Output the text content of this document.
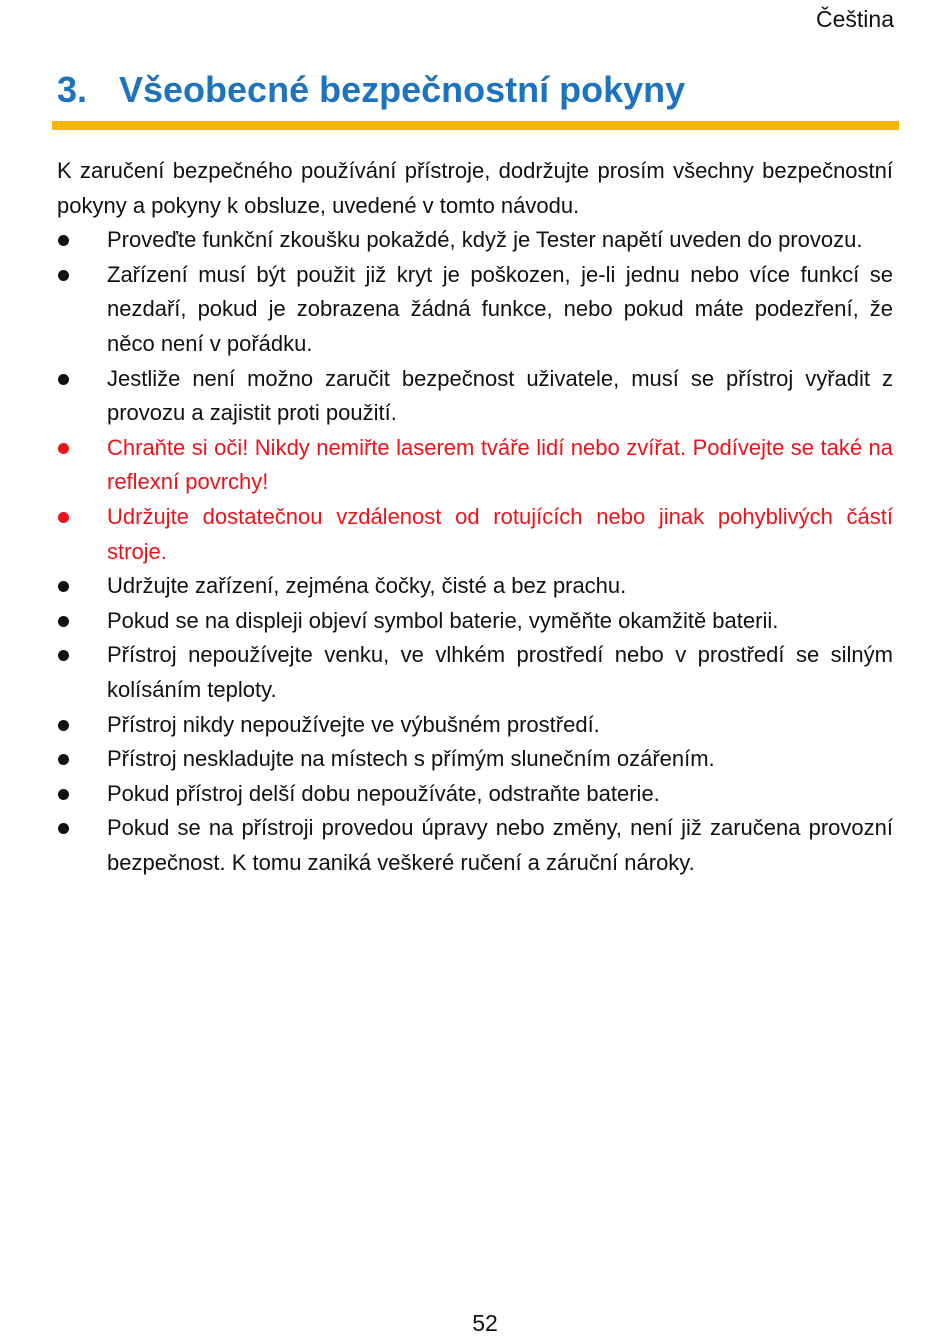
Čeština
3. Všeobecné bezpečnostní pokyny

K zaručení bezpečného používání přístroje, dodržujte prosím všechny bezpečnostní pokyny a pokyny k obsluze, uvedené v tomto návodu.

Proveďte funkční zkoušku pokaždé, když je Tester napětí uveden do provozu.
Zařízení musí být použit již kryt je poškozen, je-li jednu nebo více funkcí se nezdaří, pokud je zobrazena žádná funkce, nebo pokud máte podezření, že něco není v pořádku.
Jestliže není možno zaručit bezpečnost uživatele, musí se přístroj vyřadit z provozu a zajistit proti použití.
Chraňte si oči! Nikdy nemiřte laserem tváře lidí nebo zvířat. Podívejte se také na reflexní povrchy!
Udržujte dostatečnou vzdálenost od rotujících nebo jinak pohyblivých částí stroje.
Udržujte zařízení, zejména čočky, čisté a bez prachu.
Pokud se na displeji objeví symbol baterie, vyměňte okamžitě baterii.
Přístroj nepoužívejte venku, ve vlhkém prostředí nebo v prostředí se silným kolísáním teploty.
Přístroj nikdy nepoužívejte ve výbušném prostředí.
Přístroj neskladujte na místech s přímým slunečním ozářením.
Pokud přístroj delší dobu nepoužíváte, odstraňte baterie.
Pokud se na přístroji provedou úpravy nebo změny, není již zaručena provozní bezpečnost. K tomu zaniká veškeré ručení a záruční nároky.
52
